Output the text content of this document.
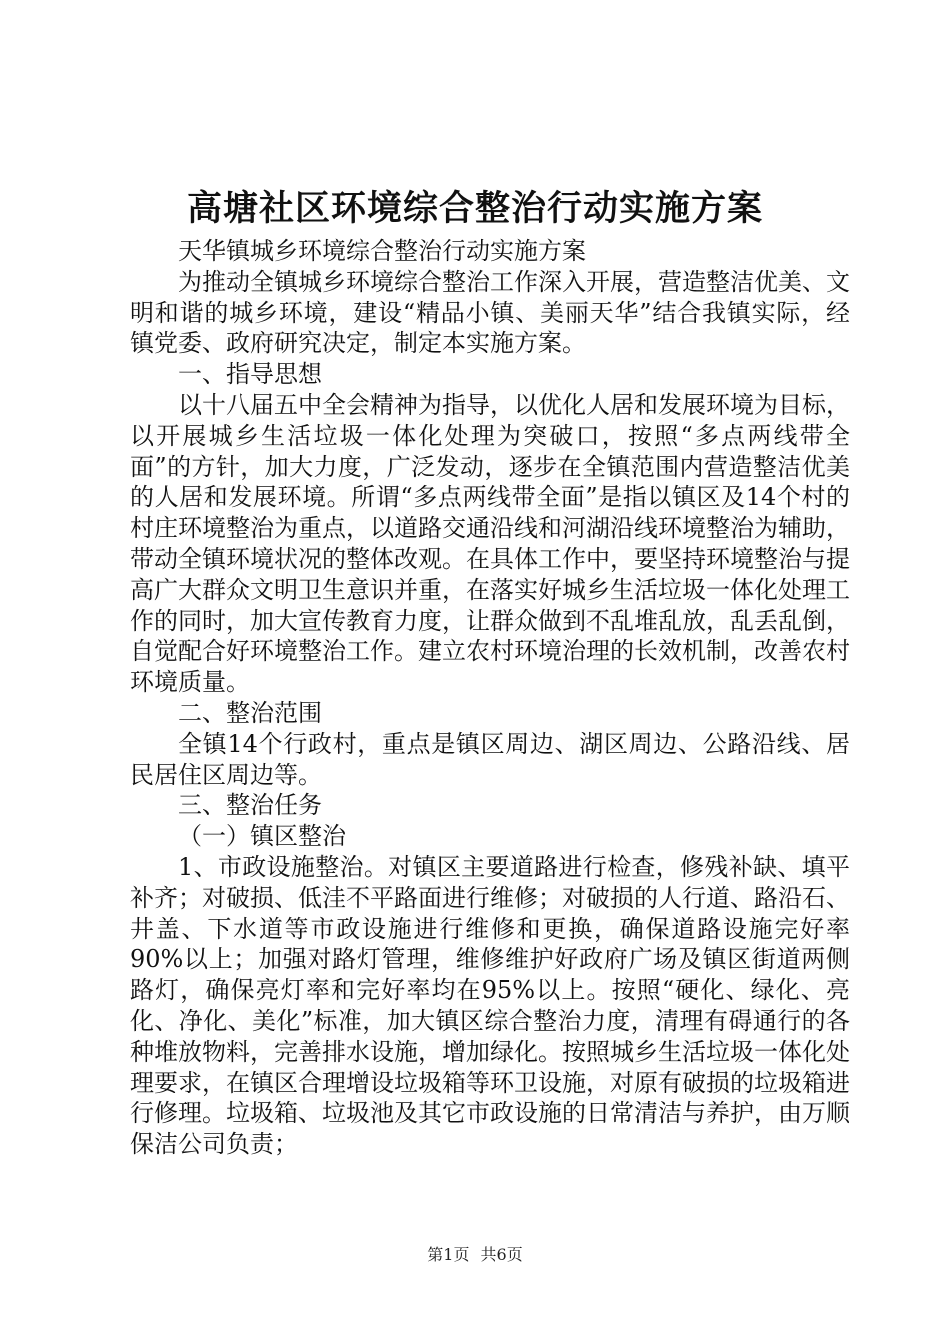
高塘社区环境综合整治行动实施方案

天华镇城乡环境综合整治行动实施方案

为推动全镇城乡环境综合整治工作深入开展，营造整洁优美、文明和谐的城乡环境，建设“精品小镇、美丽天华”结合我镇实际，经镇党委、政府研究决定，制定本实施方案。

一、指导思想

以十八届五中全会精神为指导，以优化人居和发展环境为目标，以开展城乡生活垃圾一体化处理为突破口，按照“多点两线带全面”的方针，加大力度，广泛发动，逐步在全镇范围内营造整洁优美的人居和发展环境。所谓“多点两线带全面”是指以镇区及14个村的村庄环境整治为重点，以道路交通沿线和河湖沿线环境整治为辅助，带动全镇环境状况的整体改观。在具体工作中，要坚持环境整治与提高广大群众文明卫生意识并重，在落实好城乡生活垃圾一体化处理工作的同时，加大宣传教育力度，让群众做到不乱堆乱放，乱丢乱倒，自觉配合好环境整治工作。建立农村环境治理的长效机制，改善农村环境质量。

二、整治范围

全镇14个行政村，重点是镇区周边、湖区周边、公路沿线、居民居住区周边等。

三、整治任务

（一）镇区整治

1、市政设施整治。对镇区主要道路进行检查，修残补缺、填平补齐；对破损、低洼不平路面进行维修；对破损的人行道、路沿石、井盖、下水道等市政设施进行维修和更换，确保道路设施完好率90%以上；加强对路灯管理，维修维护好政府广场及镇区街道两侧路灯，确保亮灯率和完好率均在95%以上。按照“硬化、绿化、亮化、净化、美化”标准，加大镇区综合整治力度，清理有碍通行的各种堆放物料，完善排水设施，增加绿化。按照城乡生活垃圾一体化处理要求，在镇区合理增设垃圾箱等环卫设施，对原有破损的垃圾箱进行修理。垃圾箱、垃圾池及其它市政设施的日常清洁与养护，由万顺保洁公司负责；

第1页 共6页
